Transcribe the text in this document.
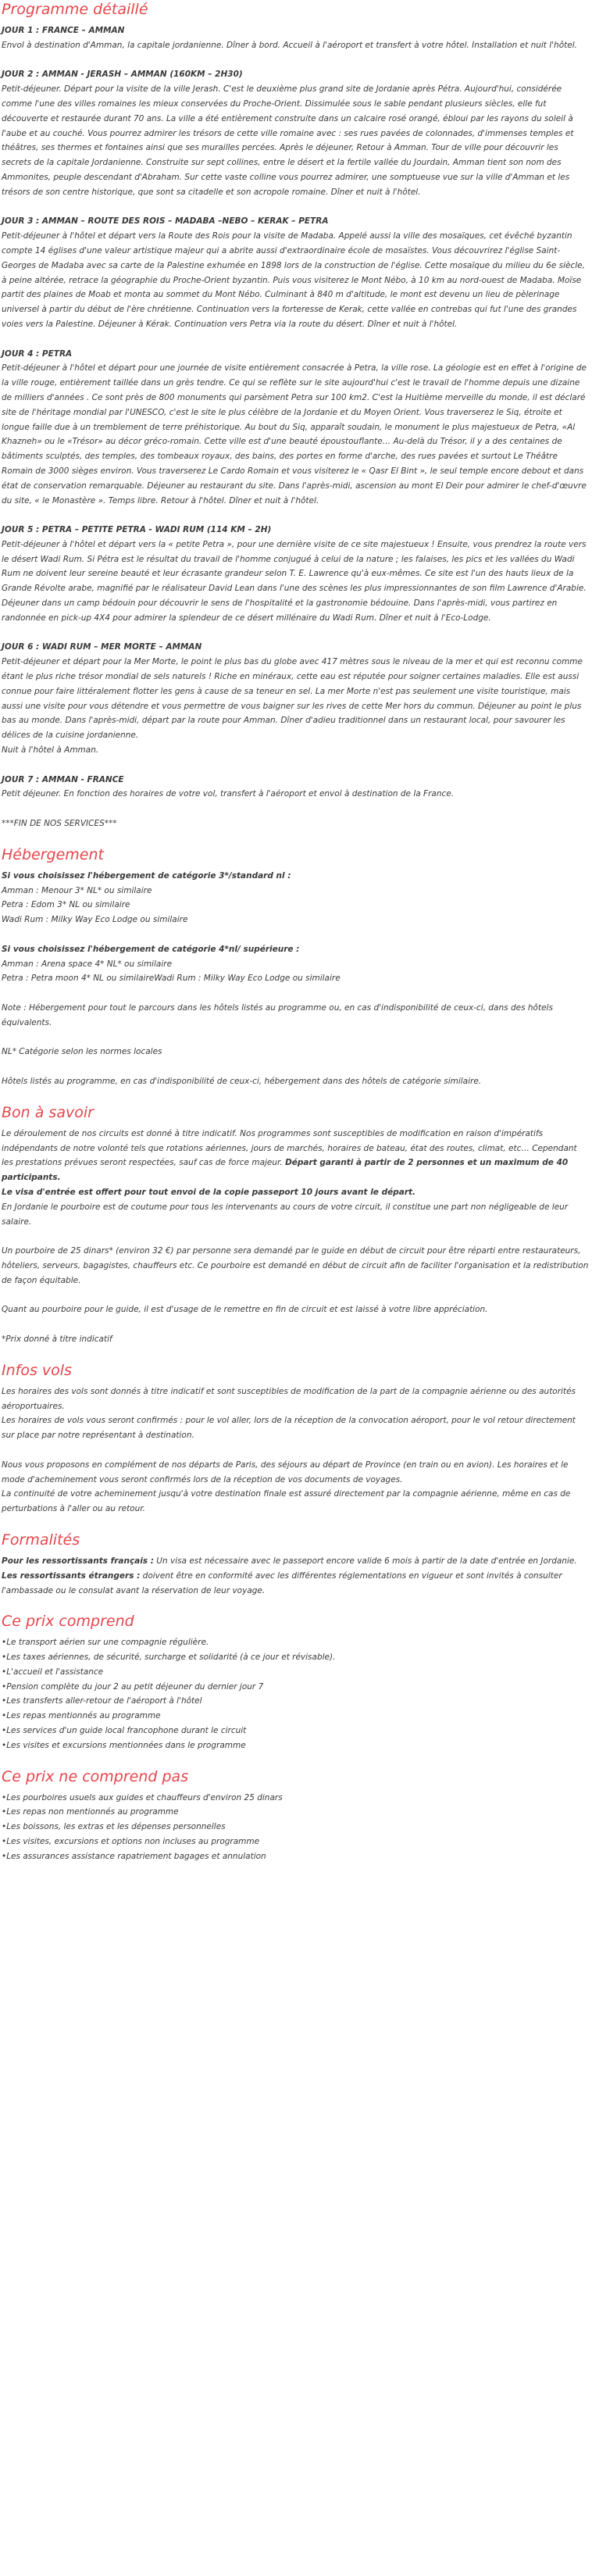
Programme détaillé
JOUR 1 : FRANCE – AMMAN

Envol à destination d'Amman, la capitale jordanienne. Dîner à bord. Accueil à l'aéroport et transfert à votre hôtel. Installation et nuit l'hôtel.

JOUR 2 : AMMAN - JERASH – AMMAN (160KM – 2H30)

Petit-déjeuner. Départ pour la visite de la ville Jerash. C'est le deuxième plus grand site de Jordanie après Pétra. Aujourd'hui, considérée comme l'une des villes romaines les mieux conservées du Proche-Orient. Dissimulée sous le sable pendant plusieurs siècles, elle fut découverte et restaurée durant 70 ans. La ville a été entièrement construite dans un calcaire rosé orangé, ébloui par les rayons du soleil à l'aube et au couché. Vous pourrez admirer les trésors de cette ville romaine avec : ses rues pavées de colonnades, d'immenses temples et théâtres, ses thermes et fontaines ainsi que ses murailles percées. Après le déjeuner, Retour à Amman. Tour de ville pour découvrir les secrets de la capitale Jordanienne. Construite sur sept collines, entre le désert et la fertile vallée du Jourdain, Amman tient son nom des Ammonites, peuple descendant d'Abraham. Sur cette vaste colline vous pourrez admirer, une somptueuse vue sur la ville d'Amman et les trésors de son centre historique, que sont sa citadelle et son acropole romaine. Dîner et nuit à l'hôtel.

JOUR 3 : AMMAN – ROUTE DES ROIS – MADABA –NEBO – KERAK – PETRA

Petit-déjeuner à l'hôtel et départ vers la Route des Rois pour la visite de Madaba. Appelé aussi la ville des mosaïques, cet évêché byzantin compte 14 églises d'une valeur artistique majeur qui a abrite aussi d'extraordinaire école de mosaïstes. Vous découvrirez l'église Saint-Georges de Madaba avec sa carte de la Palestine exhumée en 1898 lors de la construction de l'église. Cette mosaïque du milieu du 6e siècle, à peine altérée, retrace la géographie du Proche-Orient byzantin. Puis vous visiterez le Mont Nébo, à 10 km au nord-ouest de Madaba. Moïse partit des plaines de Moab et monta au sommet du Mont Nébo. Culminant à 840 m d'altitude, le mont est devenu un lieu de pèlerinage universel à partir du début de l'ère chrétienne. Continuation vers la forteresse de Kerak, cette vallée en contrebas qui fut l'une des grandes voies vers la Palestine. Déjeuner à Kérak. Continuation vers Petra via la route du désert. Dîner et nuit à l'hôtel.

JOUR 4 : PETRA

Petit-déjeuner à l'hôtel et départ pour une journée de visite entièrement consacrée à Petra, la ville rose. La géologie est en effet à l'origine de la ville rouge, entièrement taillée dans un grès tendre. Ce qui se reflète sur le site aujourd'hui c'est le travail de l'homme depuis une dizaine de milliers d'années . Ce sont près de 800 monuments qui parsèment Petra sur 100 km2. C'est la Huitième merveille du monde, il est déclaré site de l'héritage mondial par l'UNESCO, c'est le site le plus célèbre de la Jordanie et du Moyen Orient. Vous traverserez le Siq, étroite et longue faille due à un tremblement de terre préhistorique. Au bout du Siq, apparaît soudain, le monument le plus majestueux de Petra, «Al Khazneh» ou le «Trésor» au décor gréco-romain. Cette ville est d'une beauté époustouflante… Au-delà du Trésor, il y a des centaines de bâtiments sculptés, des temples, des tombeaux royaux, des bains, des portes en forme d'arche, des rues pavées et surtout Le Théâtre Romain de 3000 sièges environ. Vous traverserez Le Cardo Romain et vous visiterez le « Qasr El Bint », le seul temple encore debout et dans état de conservation remarquable. Déjeuner au restaurant du site. Dans l'après-midi, ascension au mont El Deir pour admirer le chef-d'œuvre du site, « le Monastère ». Temps libre. Retour à l'hôtel. Dîner et nuit à l'hôtel.

JOUR 5 : PETRA – PETITE PETRA - WADI RUM (114 KM – 2H)

Petit-déjeuner à l'hôtel et départ vers la « petite Petra », pour une dernière visite de ce site majestueux ! Ensuite, vous prendrez la route vers le désert Wadi Rum. Si Pétra est le résultat du travail de l'homme conjugué à celui de la nature ; les falaises, les pics et les vallées du Wadi Rum ne doivent leur sereine beauté et leur écrasante grandeur selon T. E. Lawrence qu'à eux-mêmes. Ce site est l'un des hauts lieux de la Grande Révolte arabe, magnifié par le réalisateur David Lean dans l'une des scènes les plus impressionnantes de son film Lawrence d'Arabie. Déjeuner dans un camp bédouin pour découvrir le sens de l'hospitalité et la gastronomie bédouine. Dans l'après-midi, vous partirez en randonnée en pick-up 4X4 pour admirer la splendeur de ce désert millénaire du Wadi Rum. Dîner et nuit à l'Eco-Lodge.

JOUR 6 : WADI RUM – MER MORTE – AMMAN

Petit-déjeuner et départ pour la Mer Morte, le point le plus bas du globe avec 417 mètres sous le niveau de la mer et qui est reconnu comme étant le plus riche trésor mondial de sels naturels ! Riche en minéraux, cette eau est réputée pour soigner certaines maladies. Elle est aussi connue pour faire littéralement flotter les gens à cause de sa teneur en sel. La mer Morte n'est pas seulement une visite touristique, mais aussi une visite pour vous détendre et vous permettre de vous baigner sur les rives de cette Mer hors du commun. Déjeuner au point le plus bas au monde. Dans l'après-midi, départ par la route pour Amman. Dîner d'adieu traditionnel dans un restaurant local, pour savourer les délices de la cuisine jordanienne.

Nuit à l'hôtel à Amman.

JOUR 7 : AMMAN - FRANCE

Petit déjeuner. En fonction des horaires de votre vol, transfert à l'aéroport et envol à destination de la France.

***FIN DE NOS SERVICES***

Hébergement

Si vous choisissez l'hébergement de catégorie 3*/standard nl :

Amman : Menour 3* NL* ou similaire

Petra : Edom 3* NL ou similaire

Wadi Rum : Milky Way Eco Lodge ou similaire

Si vous choisissez l'hébergement de catégorie 4*nl/ supérieure :

Amman : Arena space 4* NL* ou similaire

Petra : Petra moon 4* NL ou similaireWadi Rum : Milky Way Eco Lodge ou similaire

Note : Hébergement pour tout le parcours dans les hôtels listés au programme ou, en cas d'indisponibilité de ceux-ci, dans des hôtels équivalents.

NL* Catégorie selon les normes locales

Hôtels listés au programme, en cas d'indisponibilité de ceux-ci, hébergement dans des hôtels de catégorie similaire.

Bon à savoir

Le déroulement de nos circuits est donné à titre indicatif. Nos programmes sont susceptibles de modification en raison d'impératifs indépendants de notre volonté tels que rotations aériennes, jours de marchés, horaires de bateau, état des routes, climat, etc… Cependant les prestations prévues seront respectées, sauf cas de force majeur. Départ garanti à partir de 2 personnes et un maximum de 40 participants.
Le visa d'entrée est offert pour tout envoi de la copie passeport 10 jours avant le départ.
En Jordanie le pourboire est de coutume pour tous les intervenants au cours de votre circuit, il constitue une part non négligeable de leur salaire.

Un pourboire de 25 dinars* (environ 32 €) par personne sera demandé par le guide en début de circuit pour être réparti entre restaurateurs, hôteliers, serveurs, bagagistes, chauffeurs etc. Ce pourboire est demandé en début de circuit afin de faciliter l'organisation et la redistribution de façon équitable.

Quant au pourboire pour le guide, il est d'usage de le remettre en fin de circuit et est laissé à votre libre appréciation.

*Prix donné à titre indicatif

Infos vols

Les horaires des vols sont donnés à titre indicatif et sont susceptibles de modification de la part de la compagnie aérienne ou des autorités aéroportuaires.

Les horaires de vols vous seront confirmés : pour le vol aller, lors de la réception de la convocation aéroport, pour le vol retour directement sur place par notre représentant à destination.

Nous vous proposons en complément de nos départs de Paris, des séjours au départ de Province (en train ou en avion). Les horaires et le mode d'acheminement vous seront confirmés lors de la réception de vos documents de voyages.

La continuité de votre acheminement jusqu'à votre destination finale est assuré directement par la compagnie aérienne, même en cas de perturbations à l'aller ou au retour.

Formalités

Pour les ressortissants français : Un visa est nécessaire avec le passeport encore valide 6 mois à partir de la date d'entrée en Jordanie.

Les ressortissants étrangers : doivent être en conformité avec les différentes réglementations en vigueur et sont invités à consulter l'ambassade ou le consulat avant la réservation de leur voyage.

Ce prix comprend
• Le transport aérien sur une compagnie régulière.
• Les taxes aériennes, de sécurité, surcharge et solidarité (à ce jour et révisable).
• L'accueil et l'assistance
• Pension complète du jour 2 au petit déjeuner du dernier jour 7
• Les transferts aller-retour de l'aéroport à l'hôtel
• Les repas mentionnés au programme
• Les services d'un guide local francophone durant le circuit
• Les visites et excursions mentionnées dans le programme
Ce prix ne comprend pas
• Les pourboires usuels aux guides et chauffeurs d'environ 25 dinars
• Les repas non mentionnés au programme
• Les boissons, les extras et les dépenses personnelles
• Les visites, excursions et options non incluses au programme
• Les assurances assistance rapatriement bagages et annulation
